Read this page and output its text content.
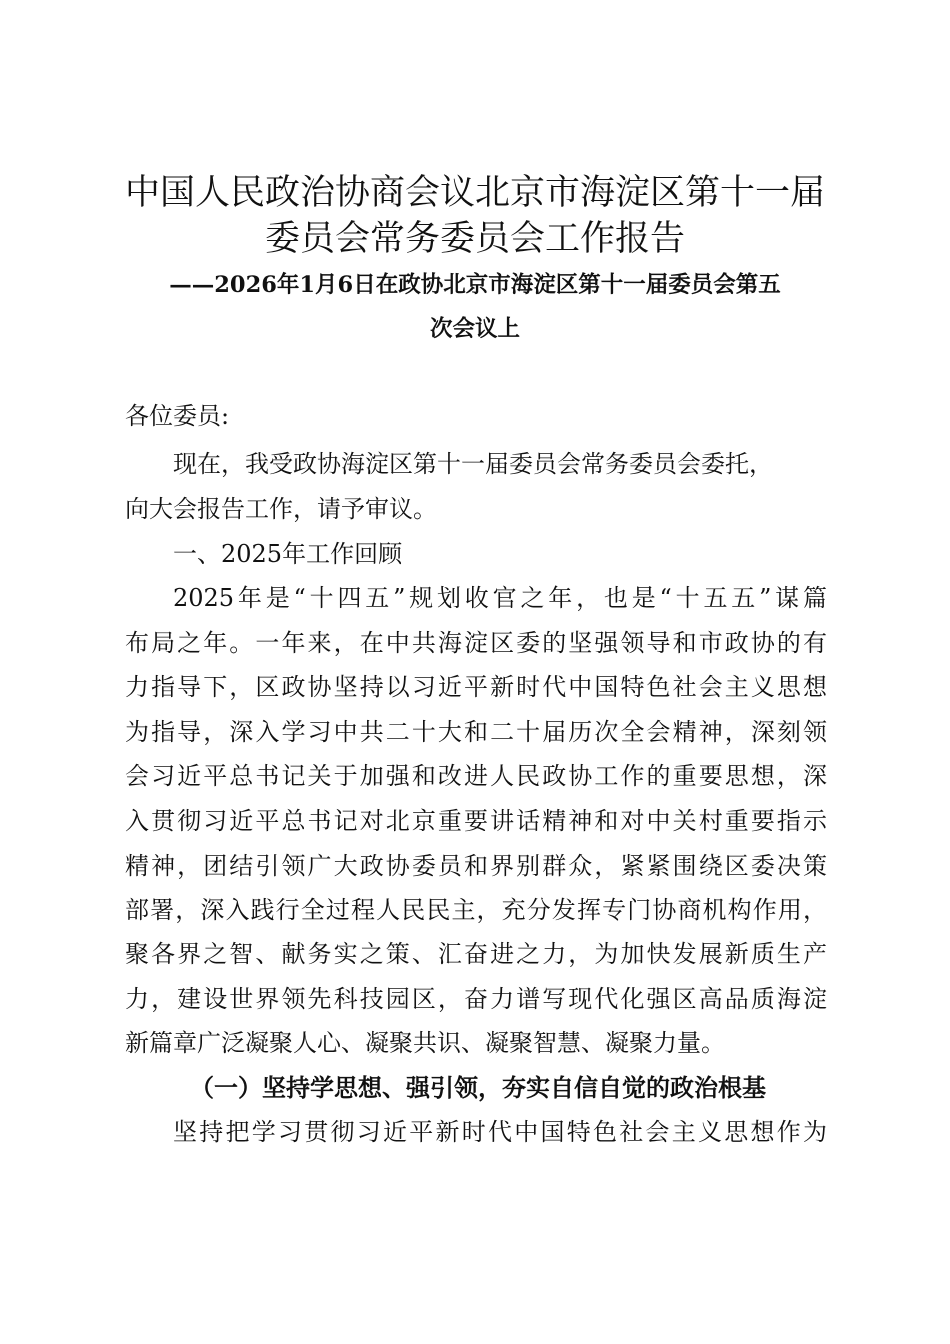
中国人民政治协商会议北京市海淀区第十一届
委员会常务委员会工作报告

——2026年1月6日在政协北京市海淀区第十一届委员会第五

次会议上

各位委员:

现在，我受政协海淀区第十一届委员会常务委员会委托，

向大会报告工作，请予审议。

一、2025年工作回顾

2025年是“十四五”规划收官之年，也是“十五五”谋篇

布局之年。一年来，在中共海淀区委的坚强领导和市政协的有

力指导下，区政协坚持以习近平新时代中国特色社会主义思想

为指导，深入学习中共二十大和二十届历次全会精神，深刻领

会习近平总书记关于加强和改进人民政协工作的重要思想，深

入贯彻习近平总书记对北京重要讲话精神和对中关村重要指示

精神，团结引领广大政协委员和界别群众，紧紧围绕区委决策

部署，深入践行全过程人民民主，充分发挥专门协商机构作用，

聚各界之智、献务实之策、汇奋进之力，为加快发展新质生产

力，建设世界领先科技园区，奋力谱写现代化强区高品质海淀

新篇章广泛凝聚人心、凝聚共识、凝聚智慧、凝聚力量。

（一）坚持学思想、强引领，夯实自信自觉的政治根基

坚持把学习贯彻习近平新时代中国特色社会主义思想作为
